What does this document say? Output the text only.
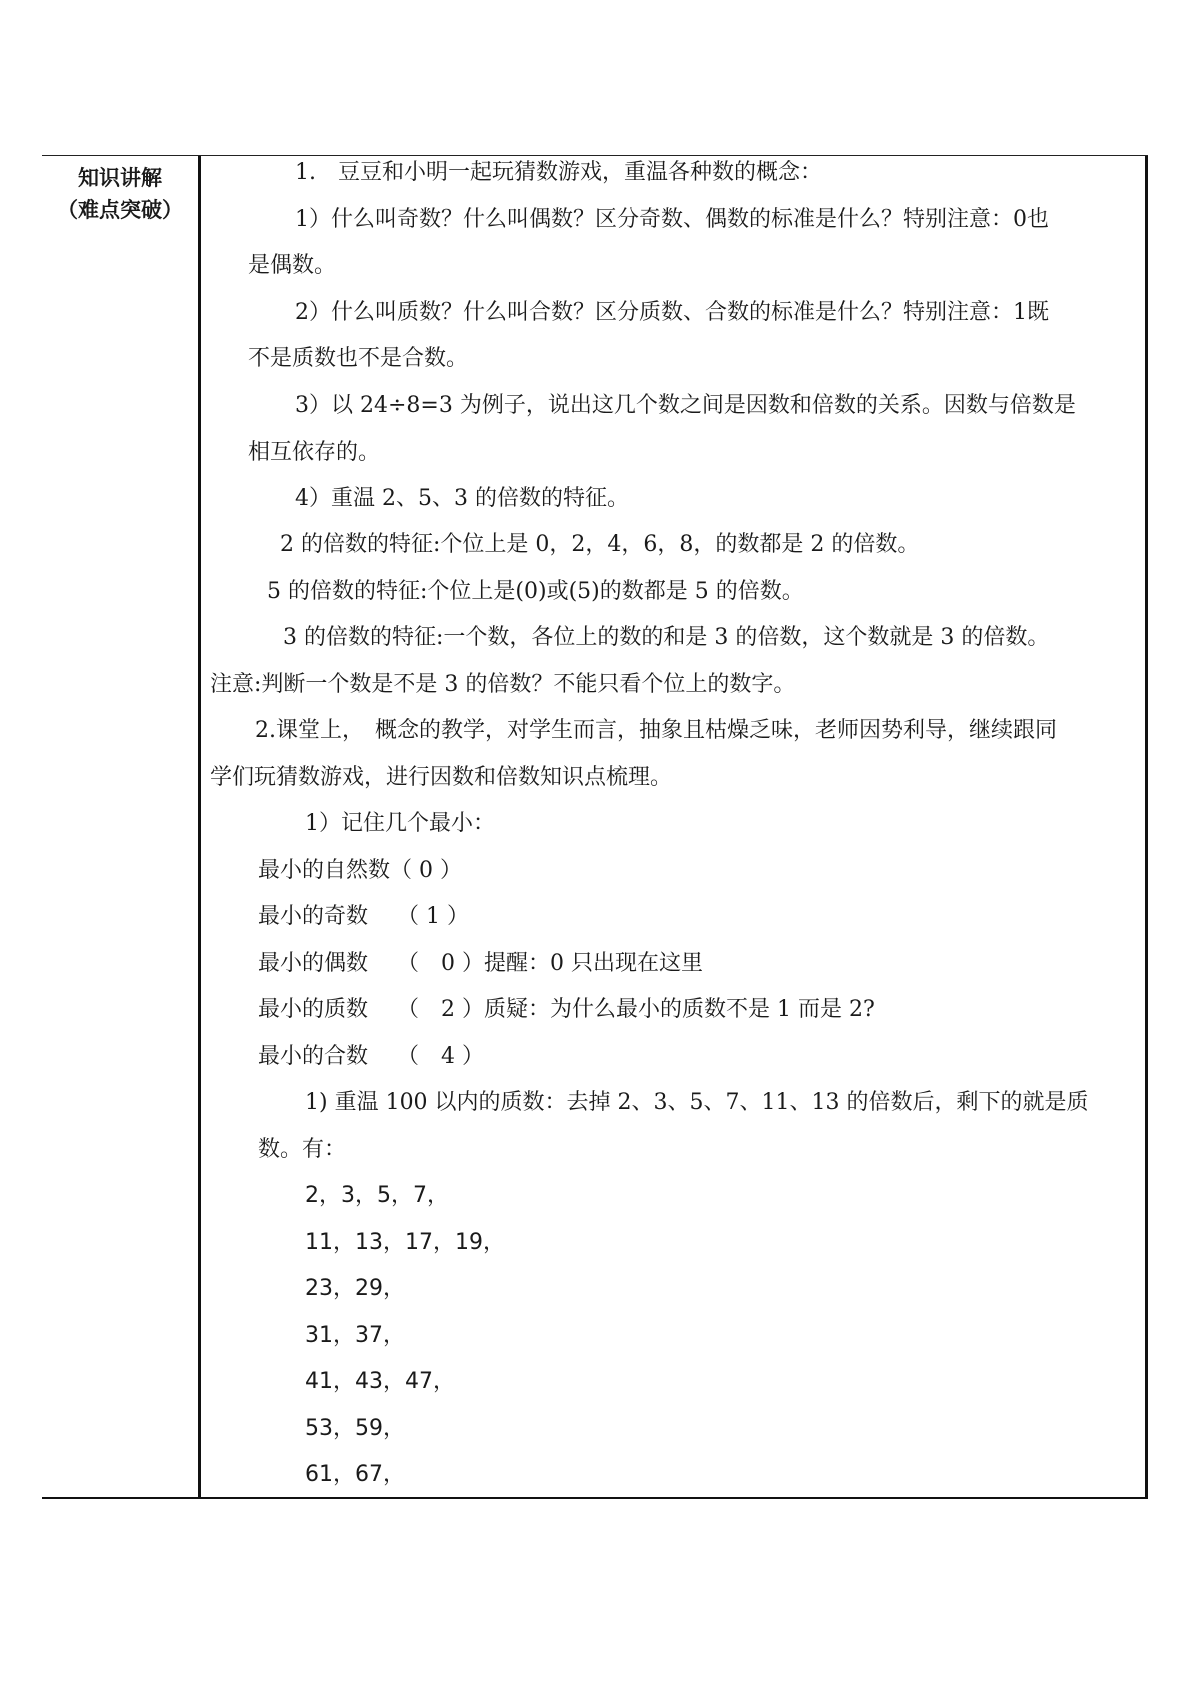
知识讲解
（难点突破）
1.　豆豆和小明一起玩猜数游戏，重温各种数的概念：
1）什么叫奇数？什么叫偶数？区分奇数、偶数的标准是什么？特别注意：0也
是偶数。
2）什么叫质数？什么叫合数？区分质数、合数的标准是什么？特别注意：1既
不是质数也不是合数。
3）以 24÷8=3 为例子，说出这几个数之间是因数和倍数的关系。因数与倍数是
相互依存的。
4）重温 2、5、3 的倍数的特征。
2 的倍数的特征:个位上是 0，2，4，6，8，的数都是 2 的倍数。
5 的倍数的特征:个位上是(0)或(5)的数都是 5 的倍数。
3 的倍数的特征:一个数，各位上的数的和是 3 的倍数，这个数就是 3 的倍数。
注意:判断一个数是不是 3 的倍数？不能只看个位上的数字。
2.课堂上，　概念的教学，对学生而言，抽象且枯燥乏味，老师因势利导，继续跟同
学们玩猜数游戏，进行因数和倍数知识点梳理。
1）记住几个最小：
最小的自然数（ 0 ）
最小的奇数　 （ 1 ）
最小的偶数　 （　0 ）提醒：0 只出现在这里
最小的质数　 （　2 ）质疑：为什么最小的质数不是 1 而是 2?
最小的合数　 （　4 ）
1) 重温 100 以内的质数：去掉 2、3、5、7、11、13 的倍数后，剩下的就是质
数。有：
2，3，5，7，
11，13，17，19，
23，29，
31，37，
41，43，47，
53，59，
61，67，
